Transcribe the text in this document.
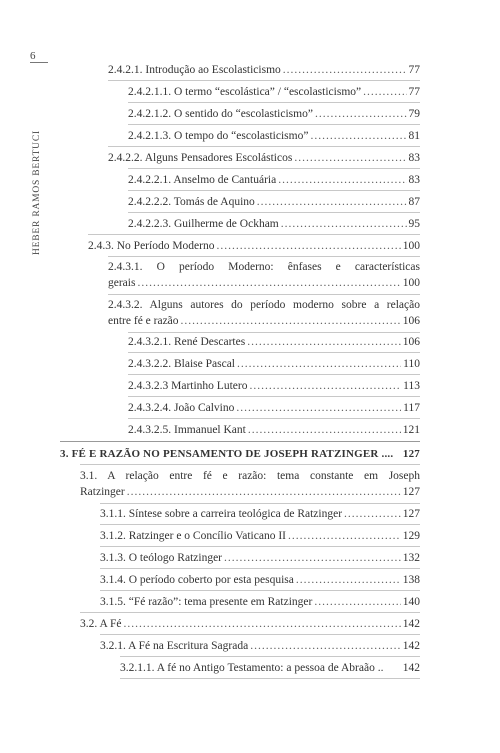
6
HEBER RAMOS BERTUCI
2.4.2.1. Introdução ao Escolasticismo .....	77
2.4.2.1.1. O termo “escolástica” / “escolasticismo” .....	77
2.4.2.1.2. O sentido do “escolasticismo” .....	79
2.4.2.1.3. O tempo do “escolasticismo” .....	81
2.4.2.2. Alguns Pensadores Escolásticos .....	83
2.4.2.2.1. Anselmo de Cantuária .....	83
2.4.2.2.2. Tomás de Aquino .....	87
2.4.2.2.3. Guilherme de Ockham .....	95
2.4.3. No Período Moderno .....	100
2.4.3.1. O período Moderno: ênfases e características
gerais .....	100
2.4.3.2. Alguns autores do período moderno sobre a relação
entre fé e razão .....	106
2.4.3.2.1. René Descartes .....	106
2.4.3.2.2. Blaise Pascal .....	110
2.4.3.2.3 Martinho Lutero .....	113
2.4.3.2.4. João Calvino .....	117
2.4.3.2.5. Immanuel Kant .....	121
3. FÉ E RAZÃO NO PENSAMENTO DE JOSEPH RATZINGER .... 127
3.1. A relação entre fé e razão: tema constante em Joseph
Ratzinger .....	127
3.1.1. Síntese sobre a carreira teológica de Ratzinger .....	127
3.1.2. Ratzinger e o Concílio Vaticano II .....	129
3.1.3. O teólogo Ratzinger .....	132
3.1.4. O período coberto por esta pesquisa .....	138
3.1.5. “Fé razão”: tema presente em Ratzinger .....	140
3.2. A Fé .....	142
3.2.1. A Fé na Escritura Sagrada .....	142
3.2.1.1. A fé no Antigo Testamento: a pessoa de Abraão .. 142
